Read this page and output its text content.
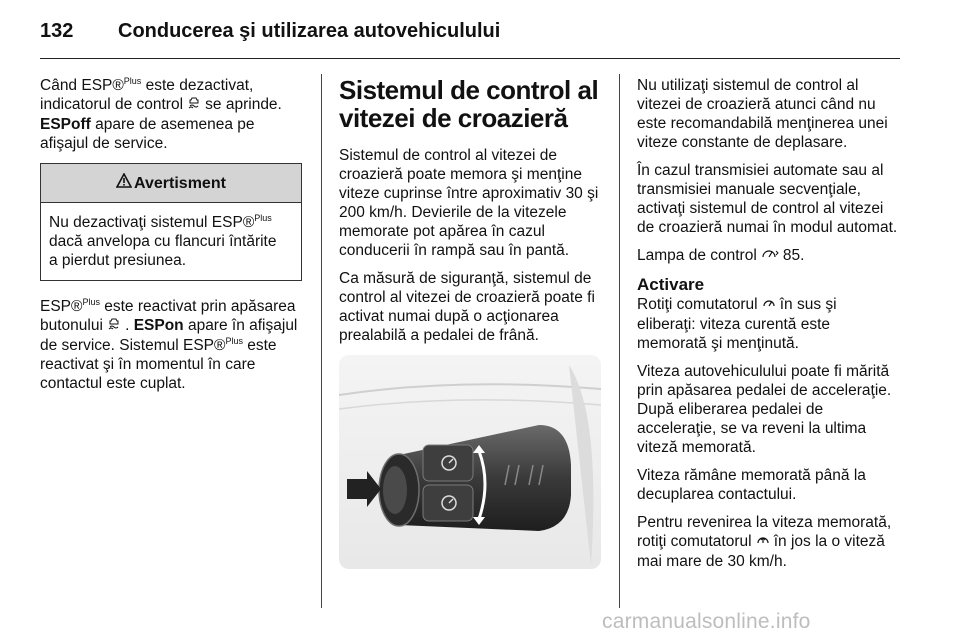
132 Conducerea şi utilizarea autovehiculului

Când ESP®$^{Plus}$ este dezactivat,
indicatorul de control  se aprinde.
ESPoff apare de asemenea pe
afişajul de service.

Avertisment
Nu dezactivaţi sistemul ESP®$^{Plus}$
dacă anvelopa cu flancuri întărite
a pierdut presiunea.

ESP®$^{Plus}$ este reactivat prin apăsarea
butonului  . ESPon apare în afişajul
de service. Sistemul ESP®$^{Plus}$ este
reactivat şi în momentul în care
contactul este cuplat.

Sistemul de control al vitezei de croazieră

Sistemul de control al vitezei de croazieră poate memora şi menţine viteze cuprinse între aproximativ 30 şi 200 km/h. Devierile de la vitezele memorate pot apărea în cazul conducerii în rampă sau în pantă.

Ca măsură de siguranţă, sistemul de control al vitezei de croazieră poate fi activat numai după o acţionarea prealabilă a pedalei de frână.

Nu utilizaţi sistemul de control al vitezei de croazieră atunci când nu este recomandabilă menţinerea unei viteze constante de deplasare.

În cazul transmisiei automate sau al transmisiei manuale secvenţiale, activaţi sistemul de control al vitezei de croazieră numai în modul automat.

Lampa de control  85.

Activare

Rotiţi comutatorul  în sus şi
eliberaţi: viteza curentă este memorată şi menţinută.

Viteza autovehiculului poate fi mărită prin apăsarea pedalei de acceleraţie. După eliberarea pedalei de acceleraţie, se va reveni la ultima viteză memorată.

Viteza rămâne memorată până la decuplarea contactului.

Pentru revenirea la viteza memorată, rotiţi comutatorul  în jos la o viteză mai mare de 30 km/h.

carmanualsonline.info
